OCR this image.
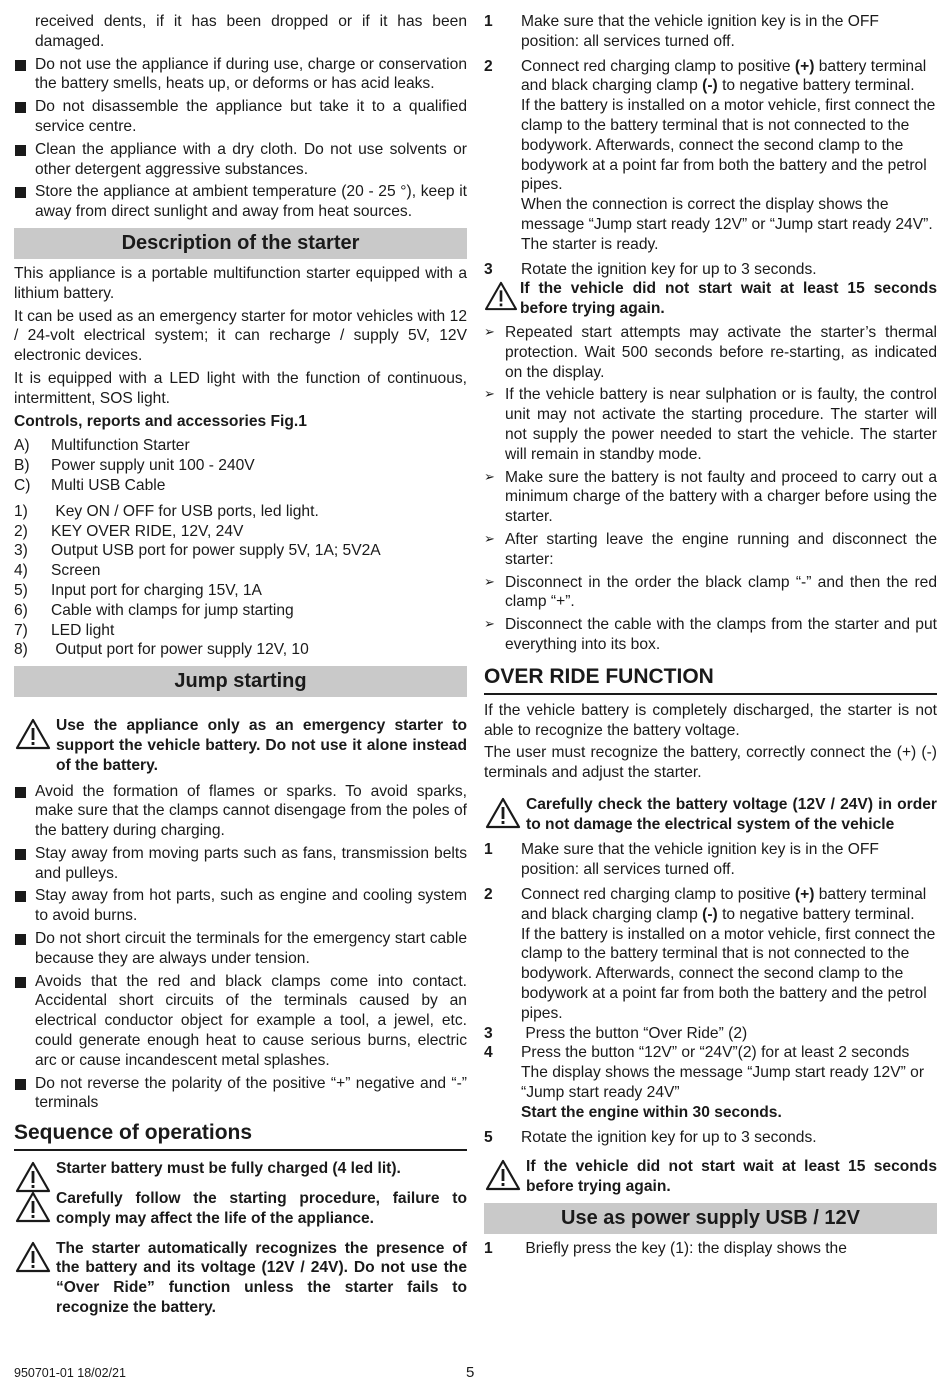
received dents, if it has been dropped or if it has been damaged.

Do not use the appliance if during use, charge or conservation the battery smells, heats up, or deforms or has acid leaks.
Do not disassemble the appliance but take it to a qualified service centre.
Clean the appliance with a dry cloth. Do not use solvents or other detergent aggressive substances.
Store the appliance at ambient temperature (20 - 25 °), keep it away from direct sunlight and away from heat sources.
Description of the starter

This appliance is a portable multifunction starter equipped with a lithium battery.

It can be used as an emergency starter for motor vehicles with 12 / 24-volt electrical system; it can recharge / supply 5V, 12V electronic devices.

It is equipped with a LED light with the function of continuous, intermittent, SOS light.

Controls, reports and accessories Fig.1

A)	Multifunction Starter
B)	Power supply unit 100 - 240V
C)	Multi USB Cable
1)	Key ON / OFF for USB ports, led light.
2)	KEY OVER RIDE, 12V, 24V
3)	Output USB port for power supply 5V, 1A; 5V2A
4)	Screen
5)	Input port for charging 15V, 1A
6)	Cable with clamps for jump starting
7)	LED light
8)	Output port for power supply 12V, 10
Jump starting
Use the appliance only as an emergency starter to support the vehicle battery. Do not use it alone instead of the battery.
Avoid the formation of flames or sparks. To avoid sparks, make sure that the clamps cannot disengage from the poles of the battery during charging.
Stay away from moving parts such as fans, transmission belts and pulleys.
Stay away from hot parts, such as engine and cooling system to avoid burns.
Do not short circuit the terminals for the emergency start cable because they are always under tension.
Avoids that the red and black clamps come into contact. Accidental short circuits of the terminals caused by an electrical conductor object for example a tool, a jewel, etc. could generate enough heat to cause serious burns, electric arc or cause incandescent metal splashes.
Do not reverse the polarity of the positive “+” negative and “-” terminals
Sequence of operations
Starter battery must be fully charged (4 led lit).
Carefully follow the starting procedure, failure to comply may affect the life of the appliance.
The starter automatically recognizes the presence of the battery and its voltage (12V / 24V). Do not use the “Over Ride” function unless the starter fails to recognize the battery.
1	Make sure that the vehicle ignition key is in the OFF position: all services turned off.
2	Connect red charging clamp to positive (+) battery terminal and black charging clamp (-) to negative battery terminal.

If the battery is installed on a motor vehicle, first connect the clamp to the battery terminal that is not connected to the bodywork. Afterwards, connect the second clamp to the bodywork at a point far from both the battery and the petrol pipes.

When the connection is correct the display shows the message “Jump start ready 12V” or “Jump start ready 24V”. The starter is ready.

3	Rotate the ignition key for up to 3 seconds.
If the vehicle did not start wait at least 15 seconds before trying again.
➢ Repeated start attempts may activate the starter’s thermal protection. Wait 500 seconds before re-starting, as indicated on the display.
➢ If the vehicle battery is near sulphation or is faulty, the control unit may not activate the starting procedure. The starter will not supply the power needed to start the vehicle. The starter will remain in standby mode.
➢ Make sure the battery is not faulty and proceed to carry out a minimum charge of the battery with a charger before using the starter.
➢ After starting leave the engine running and disconnect the starter:
➢ Disconnect in the order the black clamp “-” and then the red clamp “+”.
➢ Disconnect the cable with the clamps from the starter and put everything into its box.
OVER RIDE FUNCTION

If the vehicle battery is completely discharged, the starter is not able to recognize the battery voltage.

The user must recognize the battery, correctly connect the (+) (-) terminals and adjust the starter.

Carefully check the battery voltage (12V / 24V) in order to not damage the electrical system of the vehicle
1	Make sure that the vehicle ignition key is in the OFF position: all services turned off.
2	Connect red charging clamp to positive (+) battery terminal and black charging clamp (-) to negative battery terminal.

If the battery is installed on a motor vehicle, first connect the clamp to the battery terminal that is not connected to the bodywork. Afterwards, connect the second clamp to the bodywork at a point far from both the battery and the petrol pipes.

3	Press the button “Over Ride” (2)
4	Press the button “12V” or “24V”(2) for at least 2 seconds

The display shows the message “Jump start ready 12V” or “Jump start ready 24V”

Start the engine within 30 seconds.

5	Rotate the ignition key for up to 3 seconds.
If the vehicle did not start wait at least 15 seconds before trying again.
Use as power supply USB / 12V
1	Briefly press the key (1): the display shows the
950701-01 18/02/21	5
